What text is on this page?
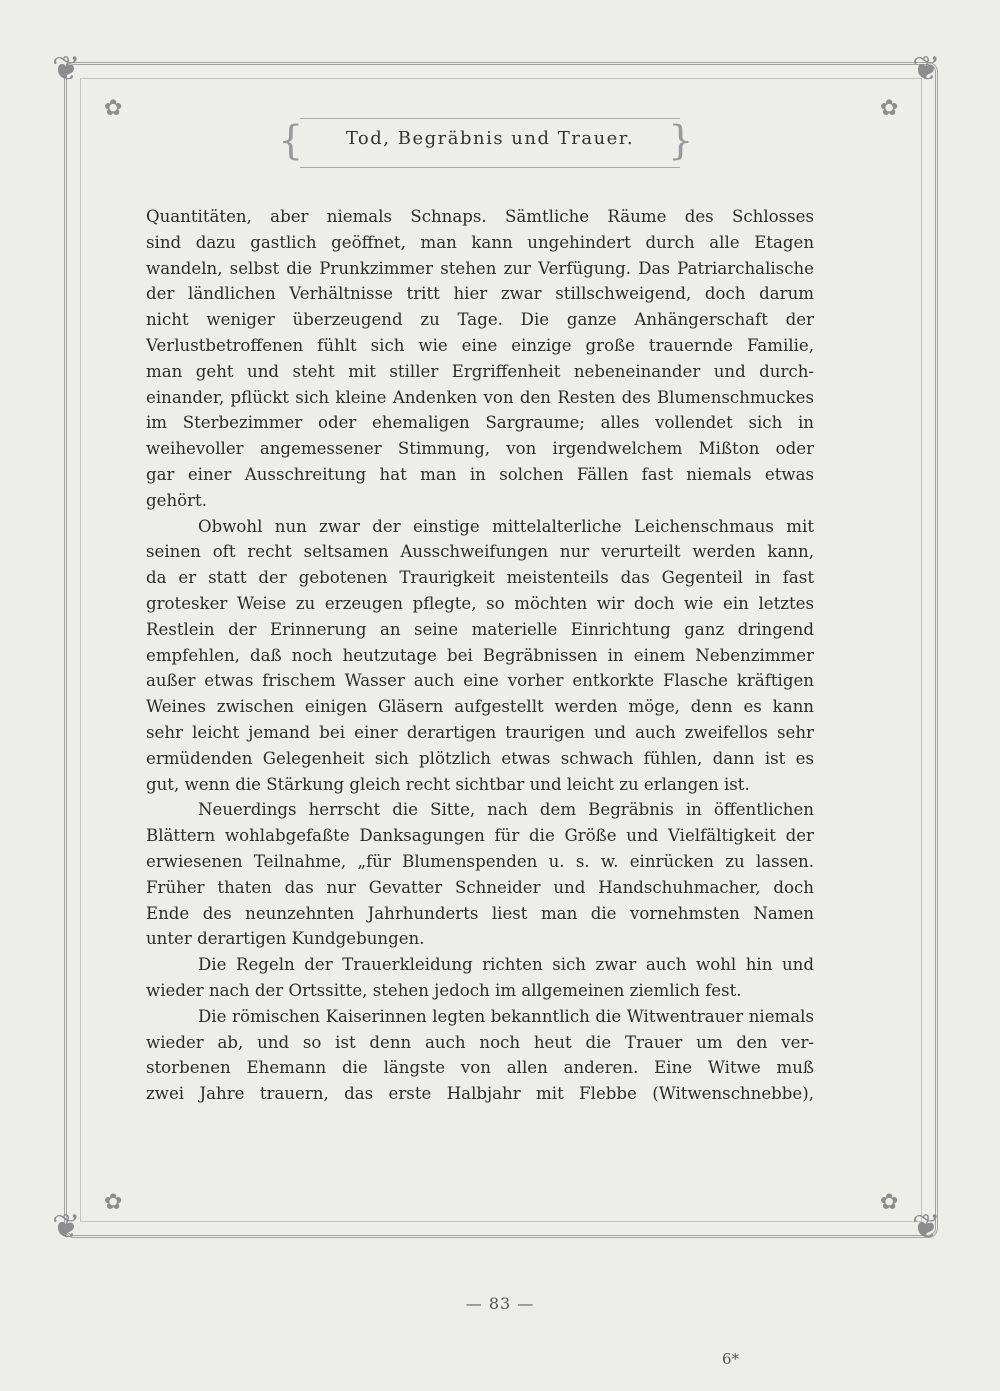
❦	❦
❦	❦
✿
✿
✿
✿
{	}
Tod, Begräbnis und Trauer.
Quantitäten, aber niemals Schnaps. Sämtliche Räume des Schlosses
sind dazu gastlich geöffnet, man kann ungehindert durch alle Etagen
wandeln, selbst die Prunkzimmer stehen zur Verfügung. Das Patriarchalische
der ländlichen Verhältnisse tritt hier zwar stillschweigend, doch darum
nicht weniger überzeugend zu Tage. Die ganze Anhängerschaft der
Verlustbetroffenen fühlt sich wie eine einzige große trauernde Familie,
man geht und steht mit stiller Ergriffenheit nebeneinander und durch-
einander, pflückt sich kleine Andenken von den Resten des Blumenschmuckes
im Sterbezimmer oder ehemaligen Sargraume; alles vollendet sich in
weihevoller angemessener Stimmung, von irgendwelchem Mißton oder
gar einer Ausschreitung hat man in solchen Fällen fast niemals etwas
gehört.
Obwohl nun zwar der einstige mittelalterliche Leichenschmaus mit
seinen oft recht seltsamen Ausschweifungen nur verurteilt werden kann,
da er statt der gebotenen Traurigkeit meistenteils das Gegenteil in fast
grotesker Weise zu erzeugen pflegte, so möchten wir doch wie ein letztes
Restlein der Erinnerung an seine materielle Einrichtung ganz dringend
empfehlen, daß noch heutzutage bei Begräbnissen in einem Nebenzimmer
außer etwas frischem Wasser auch eine vorher entkorkte Flasche kräftigen
Weines zwischen einigen Gläsern aufgestellt werden möge, denn es kann
sehr leicht jemand bei einer derartigen traurigen und auch zweifellos sehr
ermüdenden Gelegenheit sich plötzlich etwas schwach fühlen, dann ist es
gut, wenn die Stärkung gleich recht sichtbar und leicht zu erlangen ist.
Neuerdings herrscht die Sitte, nach dem Begräbnis in öffentlichen
Blättern wohlabgefaßte Danksagungen für die Größe und Vielfältigkeit der
erwiesenen Teilnahme, „für Blumenspenden u. s. w. einrücken zu lassen.
Früher thaten das nur Gevatter Schneider und Handschuhmacher, doch
Ende des neunzehnten Jahrhunderts liest man die vornehmsten Namen
unter derartigen Kundgebungen.
Die Regeln der Trauerkleidung richten sich zwar auch wohl hin und
wieder nach der Ortssitte, stehen jedoch im allgemeinen ziemlich fest.
Die römischen Kaiserinnen legten bekanntlich die Witwentrauer niemals
wieder ab, und so ist denn auch noch heut die Trauer um den ver-
storbenen Ehemann die längste von allen anderen. Eine Witwe muß
zwei Jahre trauern, das erste Halbjahr mit Flebbe (Witwenschnebbe),
— 83 —
6*
